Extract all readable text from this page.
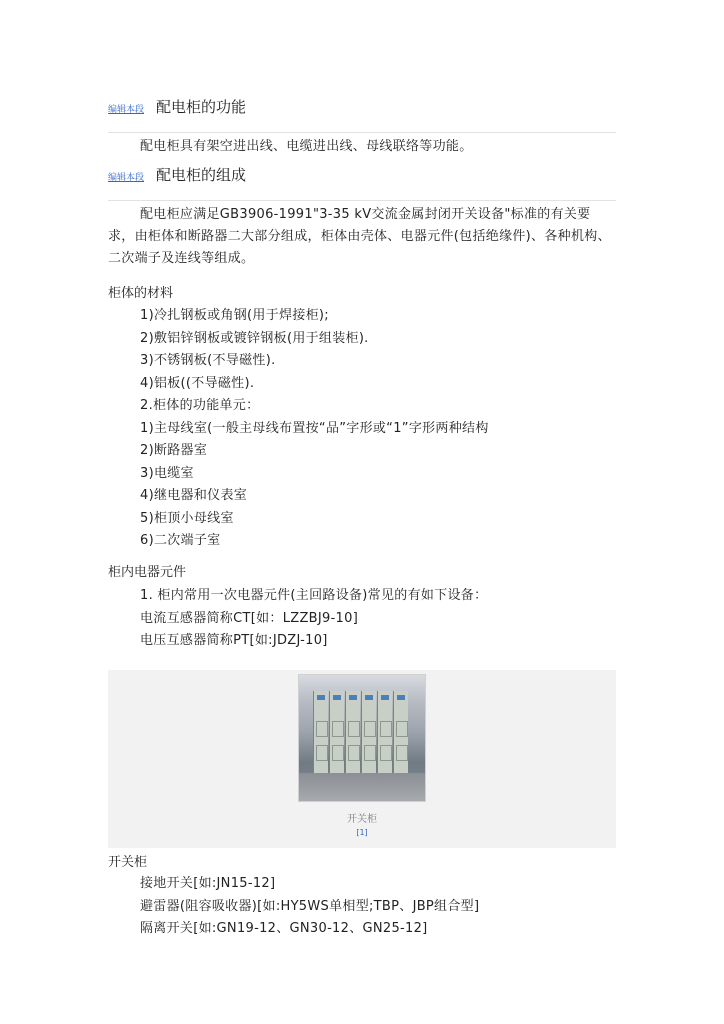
编辑本段 配电柜的功能
配电柜具有架空进出线、电缆进出线、母线联络等功能。
编辑本段 配电柜的组成
配电柜应满足GB3906-1991"3-35 kV交流金属封闭开关设备"标准的有关要求，由柜体和断路器二大部分组成，柜体由壳体、电器元件(包括绝缘件)、各种机构、二次端子及连线等组成。
柜体的材料
1)冷扎钢板或角钢(用于焊接柜);
2)敷铝锌钢板或镀锌钢板(用于组装柜).
3)不锈钢板(不导磁性).
4)铝板((不导磁性).
2.柜体的功能单元：
1)主母线室(一般主母线布置按“品”字形或“1”字形两种结构
2)断路器室
3)电缆室
4)继电器和仪表室
5)柜顶小母线室
6)二次端子室
柜内电器元件
1. 柜内常用一次电器元件(主回路设备)常见的有如下设备：
电流互感器简称CT[如：LZZBJ9-10]
电压互感器简称PT[如:JDZJ-10]
开关柜
[1]
开关柜
接地开关[如:JN15-12]
避雷器(阻容吸收器)[如:HY5WS单相型;TBP、JBP组合型]
隔离开关[如:GN19-12、GN30-12、GN25-12]
